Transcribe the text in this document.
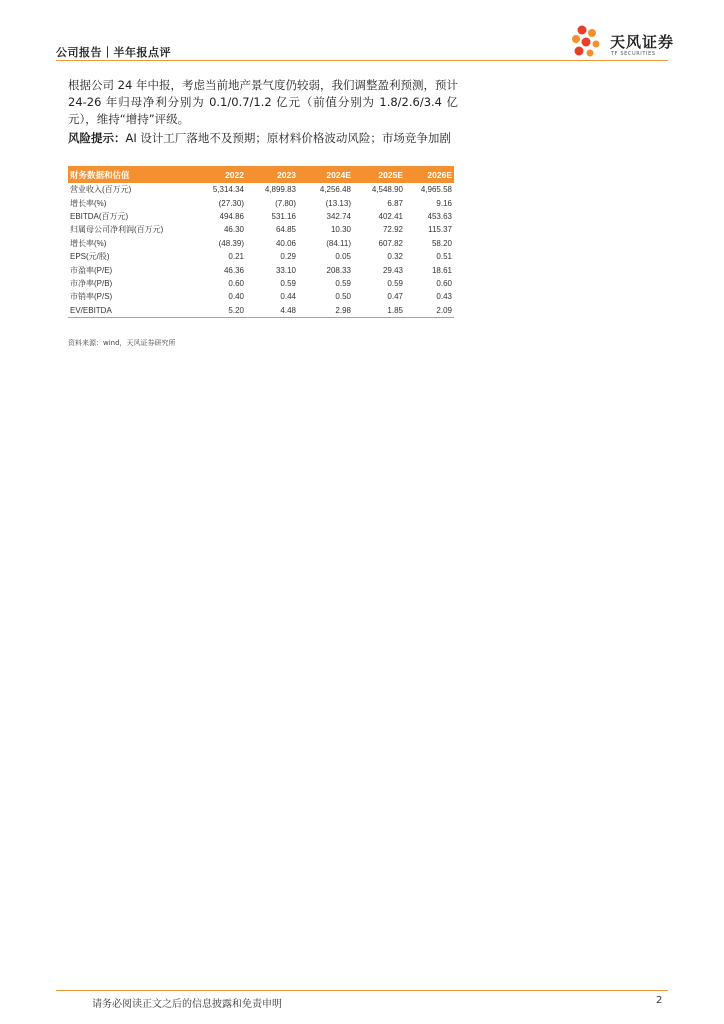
公司报告｜半年报点评
天风证券
TF SECURITIES
根据公司 24 年中报，考虑当前地产景气度仍较弱，我们调整盈利预测，预计 24-26 年归母净利分别为 0.1/0.7/1.2 亿元（前值分别为 1.8/2.6/3.4 亿元），维持“增持”评级。
风险提示：AI 设计工厂落地不及预期；原材料价格波动风险；市场竞争加剧
财务数据和估值	2022	2023	2024E	2025E	2026E
营业收入(百万元)	5,314.34	4,899.83	4,256.48	4,548.90	4,965.58
增长率(%)	(27.30)	(7.80)	(13.13)	6.87	9.16
EBITDA(百万元)	494.86	531.16	342.74	402.41	453.63
归属母公司净利润(百万元)	46.30	64.85	10.30	72.92	115.37
增长率(%)	(48.39)	40.06	(84.11)	607.82	58.20
EPS(元/股)	0.21	0.29	0.05	0.32	0.51
市盈率(P/E)	46.36	33.10	208.33	29.43	18.61
市净率(P/B)	0.60	0.59	0.59	0.59	0.60
市销率(P/S)	0.40	0.44	0.50	0.47	0.43
EV/EBITDA	5.20	4.48	2.98	1.85	2.09
资料来源：wind，天风证券研究所
请务必阅读正文之后的信息披露和免责申明	2
